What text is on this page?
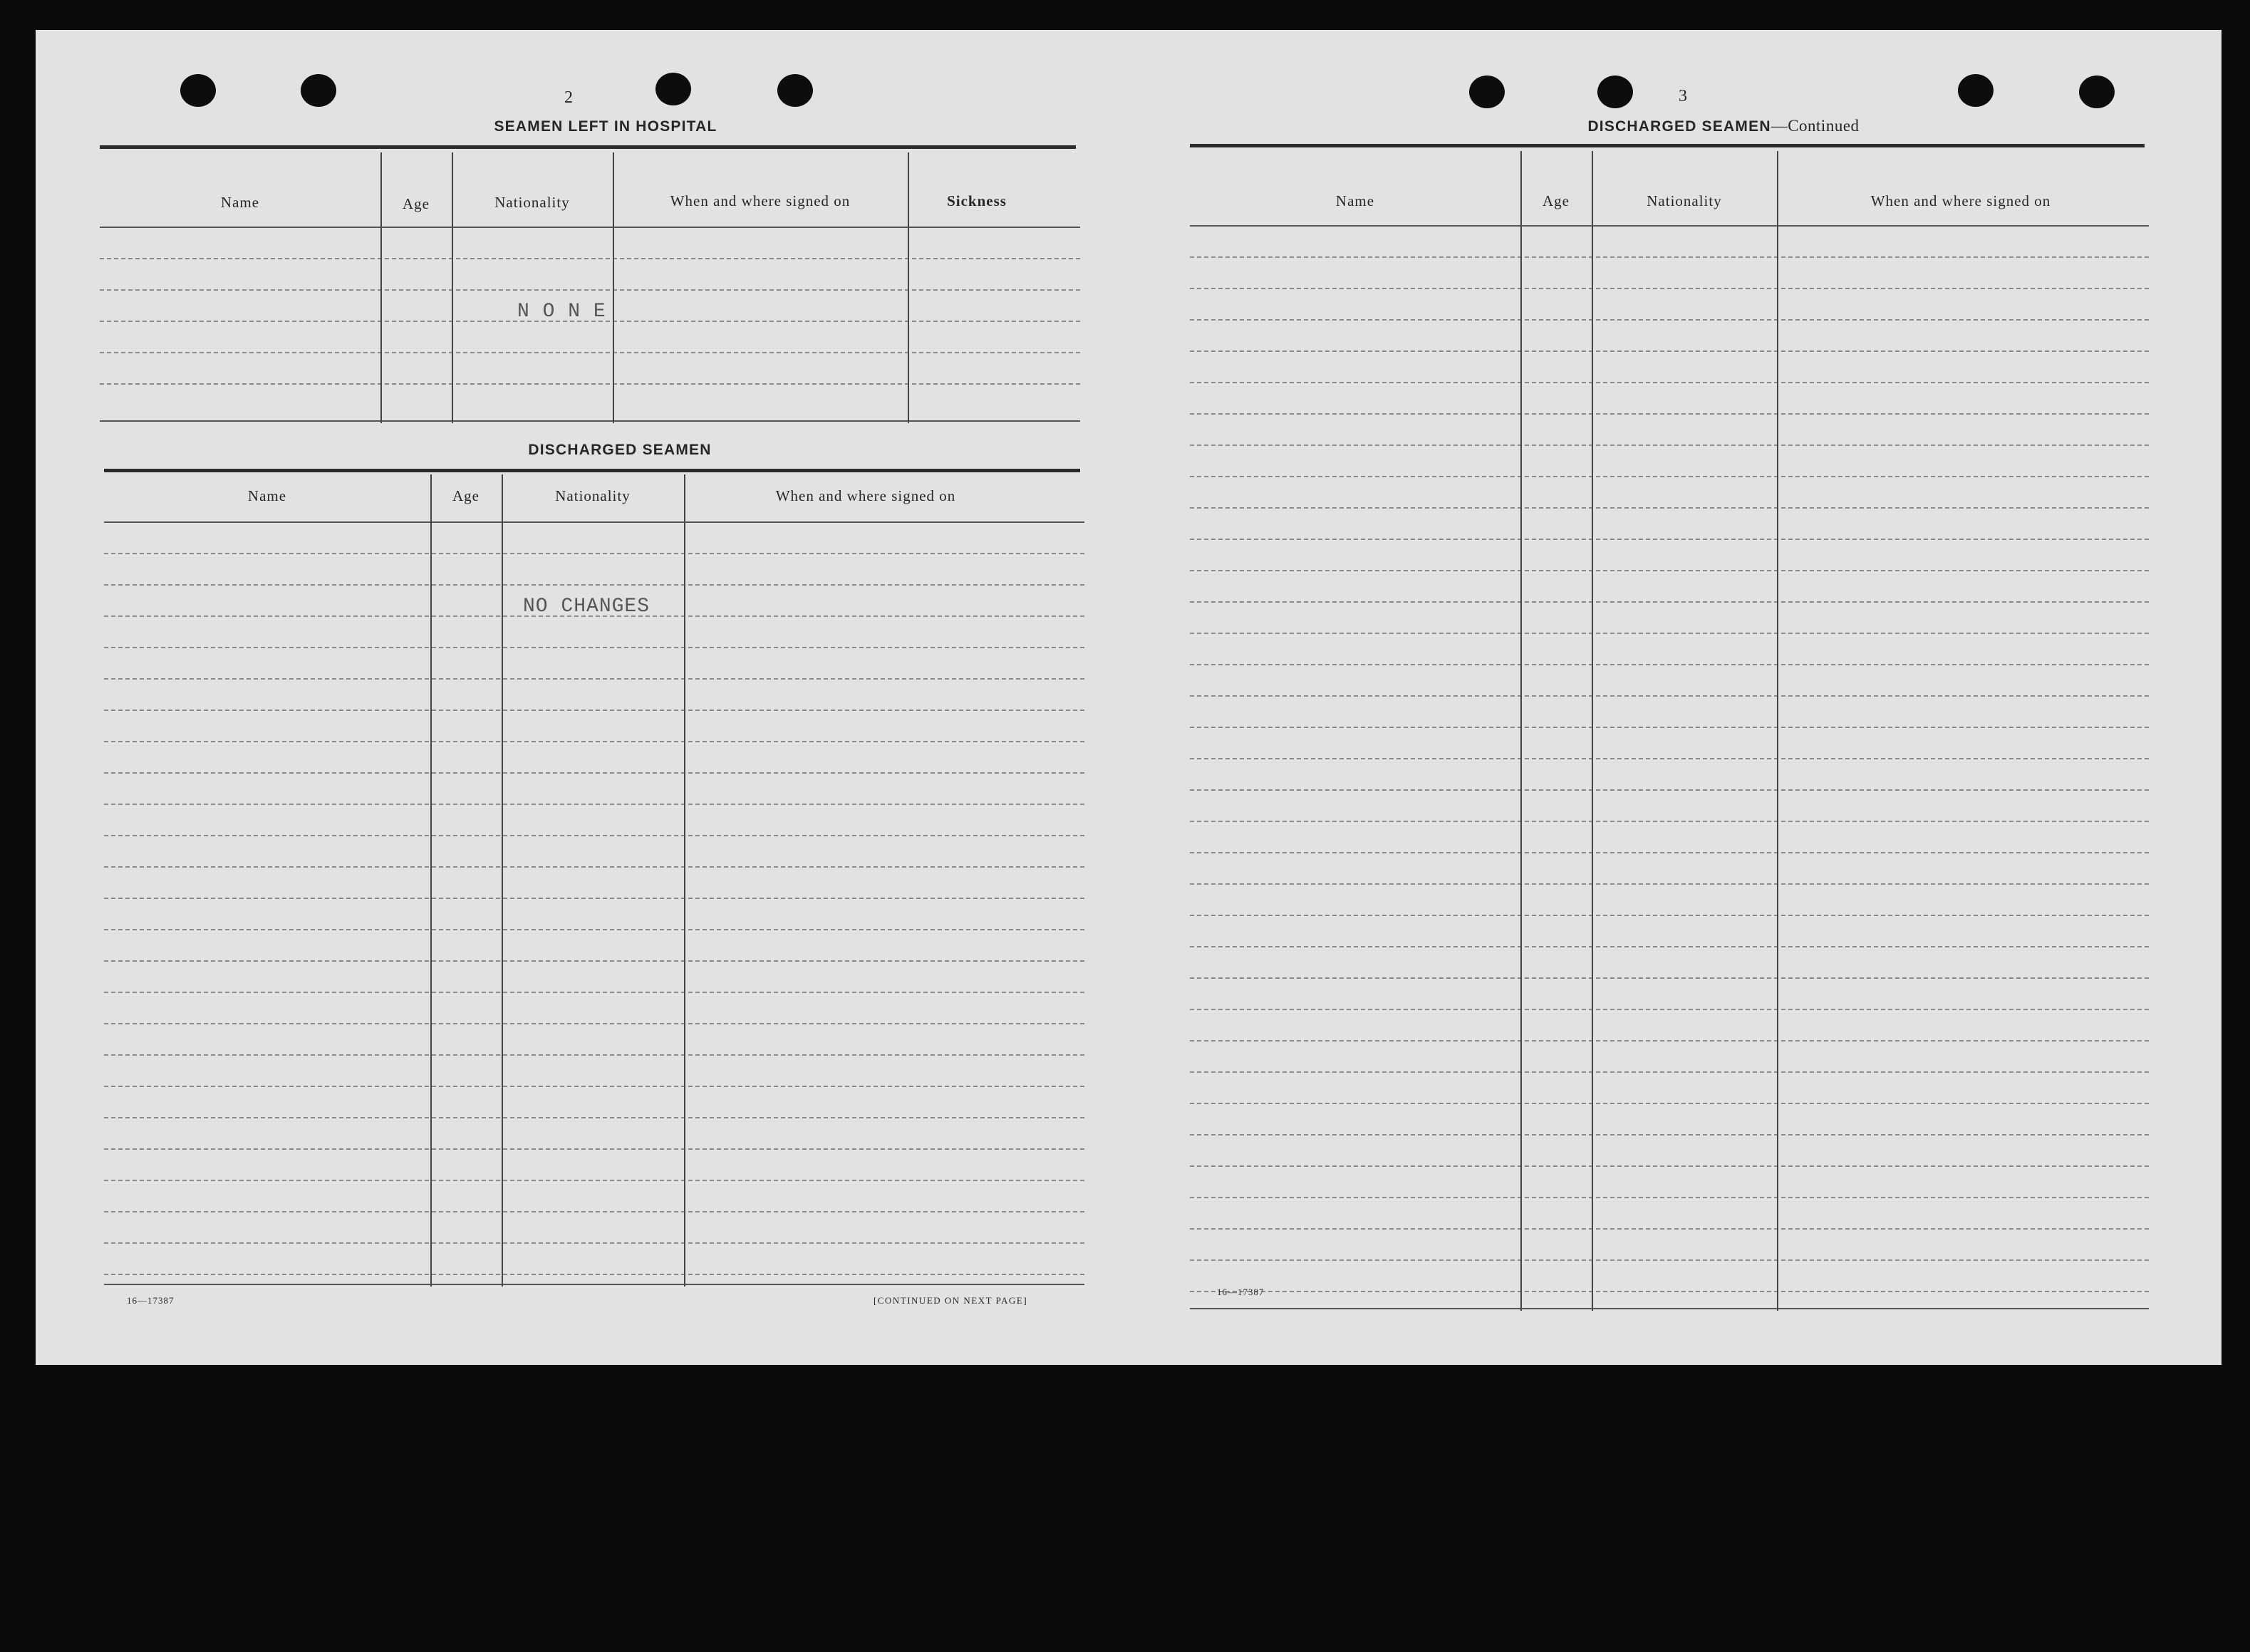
2
SEAMEN LEFT IN HOSPITAL
Name	Age	Nationality	When and where signed on	Sickness
N O N E
DISCHARGED SEAMEN
Name	Age	Nationality	When and where signed on
NO CHANGES
16—17387	[CONTINUED ON NEXT PAGE]
3
DISCHARGED SEAMEN—Continued
Name	Age	Nationality	When and where signed on
16—17387
